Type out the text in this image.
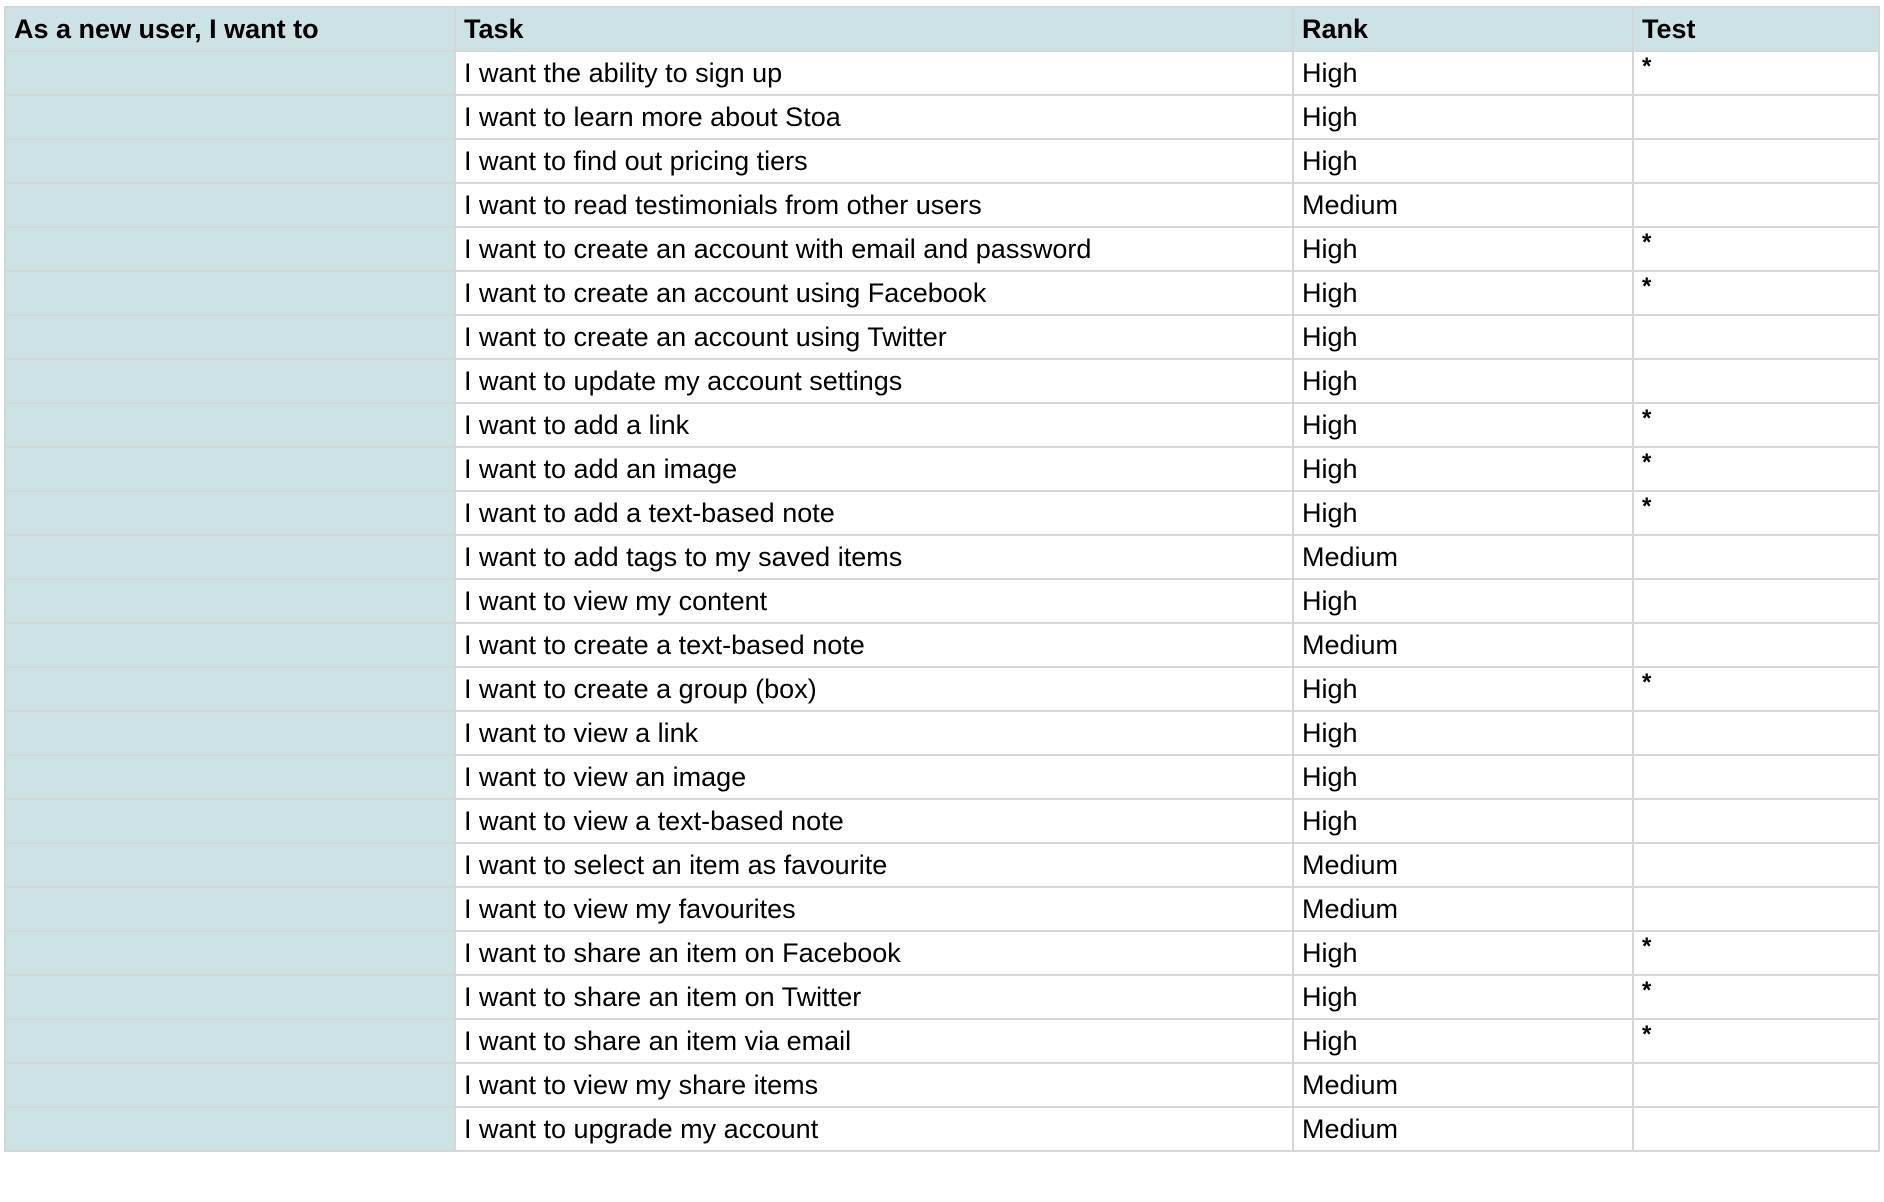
As a new user, I want to	Task	Rank	Test
	I want the ability to sign up	High	*
	I want to learn more about Stoa	High	
	I want to find out pricing tiers	High	
	I want to read testimonials from other users	Medium	
	I want to create an account with email and password	High	*
	I want to create an account using Facebook	High	*
	I want to create an account using Twitter	High	
	I want to update my account settings	High	
	I want to add a link	High	*
	I want to add an image	High	*
	I want to add a text-based note	High	*
	I want to add tags to my saved items	Medium	
	I want to view my content	High	
	I want to create a text-based note	Medium	
	I want to create a group (box)	High	*
	I want to view a link	High	
	I want to view an image	High	
	I want to view a text-based note	High	
	I want to select an item as favourite	Medium	
	I want to view my favourites	Medium	
	I want to share an item on Facebook	High	*
	I want to share an item on Twitter	High	*
	I want to share an item via email	High	*
	I want to view my share items	Medium	
	I want to upgrade my account	Medium	
